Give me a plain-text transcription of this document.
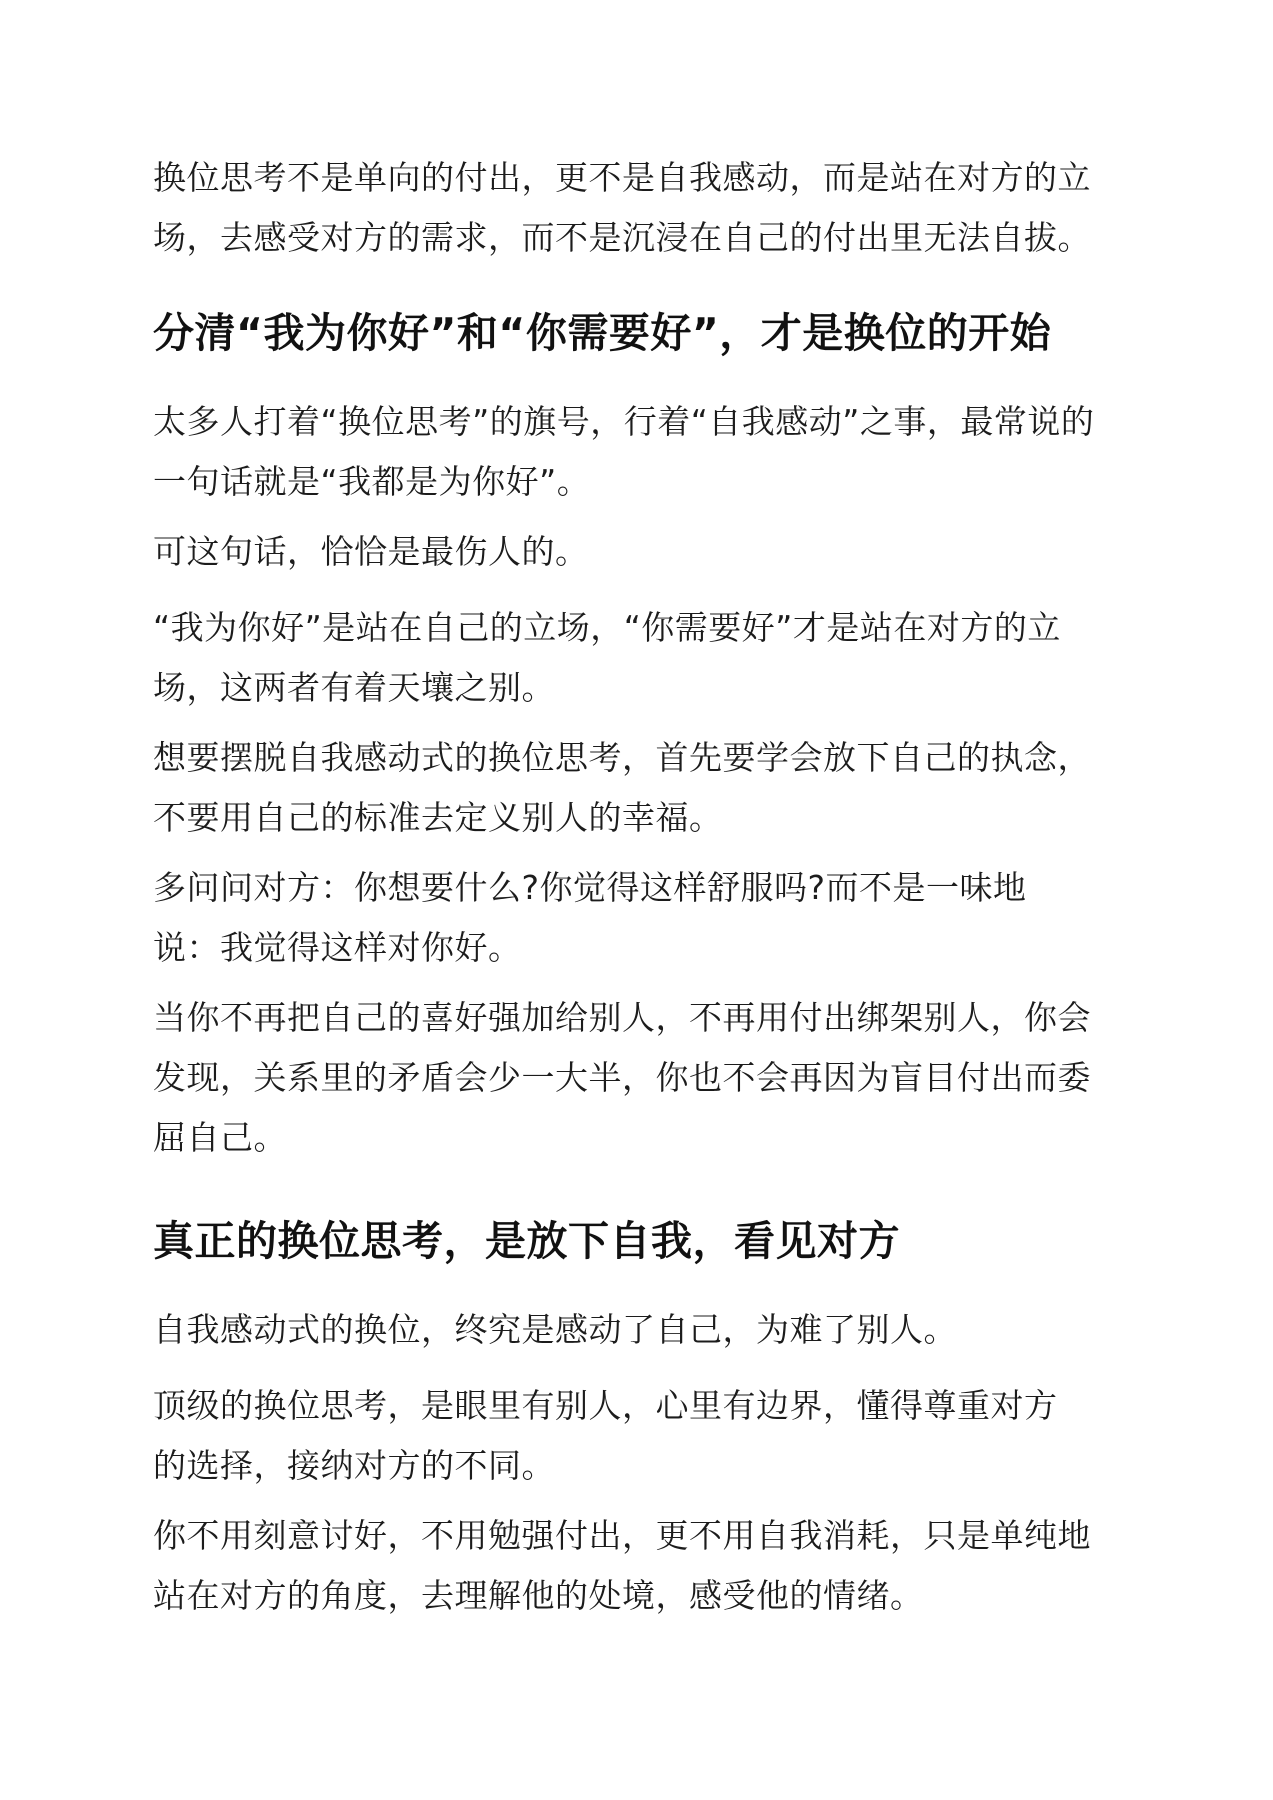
换位思考不是单向的付出，更不是自我感动，而是站在对方的立
场，去感受对方的需求，而不是沉浸在自己的付出里无法自拔。

分清“我为你好”和“你需要好”，才是换位的开始

太多人打着“换位思考”的旗号，行着“自我感动”之事，最常说的
一句话就是“我都是为你好”。

可这句话，恰恰是最伤人的。

“我为你好”是站在自己的立场，“你需要好”才是站在对方的立
场，这两者有着天壤之别。

想要摆脱自我感动式的换位思考，首先要学会放下自己的执念，
不要用自己的标准去定义别人的幸福。

多问问对方：你想要什么?你觉得这样舒服吗?而不是一味地
说：我觉得这样对你好。

当你不再把自己的喜好强加给别人，不再用付出绑架别人，你会
发现，关系里的矛盾会少一大半，你也不会再因为盲目付出而委
屈自己。

真正的换位思考，是放下自我，看见对方

自我感动式的换位，终究是感动了自己，为难了别人。

顶级的换位思考，是眼里有别人，心里有边界，懂得尊重对方
的选择，接纳对方的不同。

你不用刻意讨好，不用勉强付出，更不用自我消耗，只是单纯地
站在对方的角度，去理解他的处境，感受他的情绪。
